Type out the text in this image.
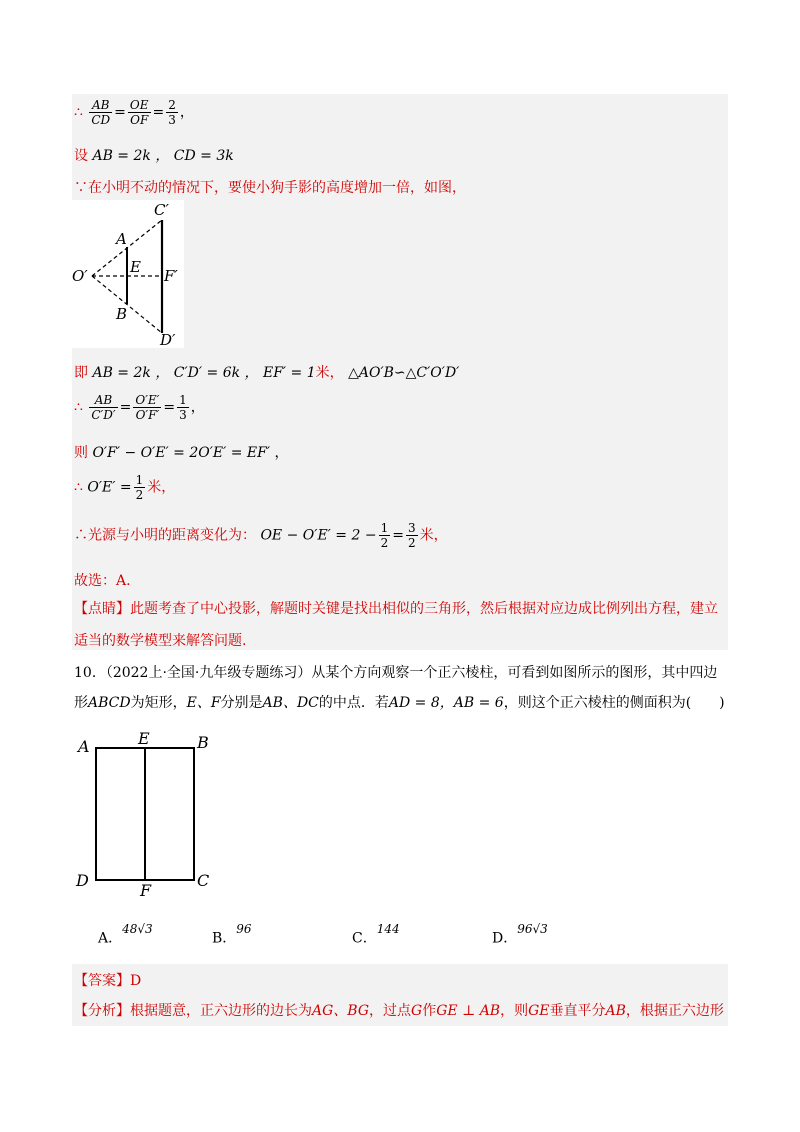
∴ $\frac{AB}{CD} = \frac{OE}{OF} = \frac{2}{3}$ ，
设 AB = 2k ， CD = 3k
∵在小明不动的情况下，要使小狗手影的高度增加一倍，如图，
C′
A
E
O′	F′
B
D′
即 AB = 2k ， C′D′ = 6k ， EF′ = 1米， △AO′B∽△C′O′D′
∴ $\frac{AB}{C'D'} = \frac{O'E'}{O'F'} = \frac{1}{3}$ ，
则 O′F′ − O′E′ = 2O′E′ = EF′ ，
∴ $O'E' = \frac{1}{2}$ 米，
∴光源与小明的距离变化为： OE − $O'E' = 2 - \frac{1}{2} = \frac{3}{2}$ 米，
故选：A.
【点睛】此题考查了中心投影，解题时关键是找出相似的三角形，然后根据对应边成比例列出方程，建立
适当的数学模型来解答问题.
10．（2022上·全国·九年级专题练习）从某个方向观察一个正六棱柱，可看到如图所示的图形，其中四边
形ABCD为矩形，E、F分别是AB、DC的中点．若AD = 8，AB = 6，则这个正六棱柱的侧面积为(　　)
A	E	B
D
F
C
A．$^{48√3}$
B．$^{96}$
C．$^{144}$
D．$^{96√3}$
【答案】D
【分析】根据题意，正六边形的边长为AG、BG，过点G作GE ⊥ AB，则GE垂直平分AB，根据正六边形
